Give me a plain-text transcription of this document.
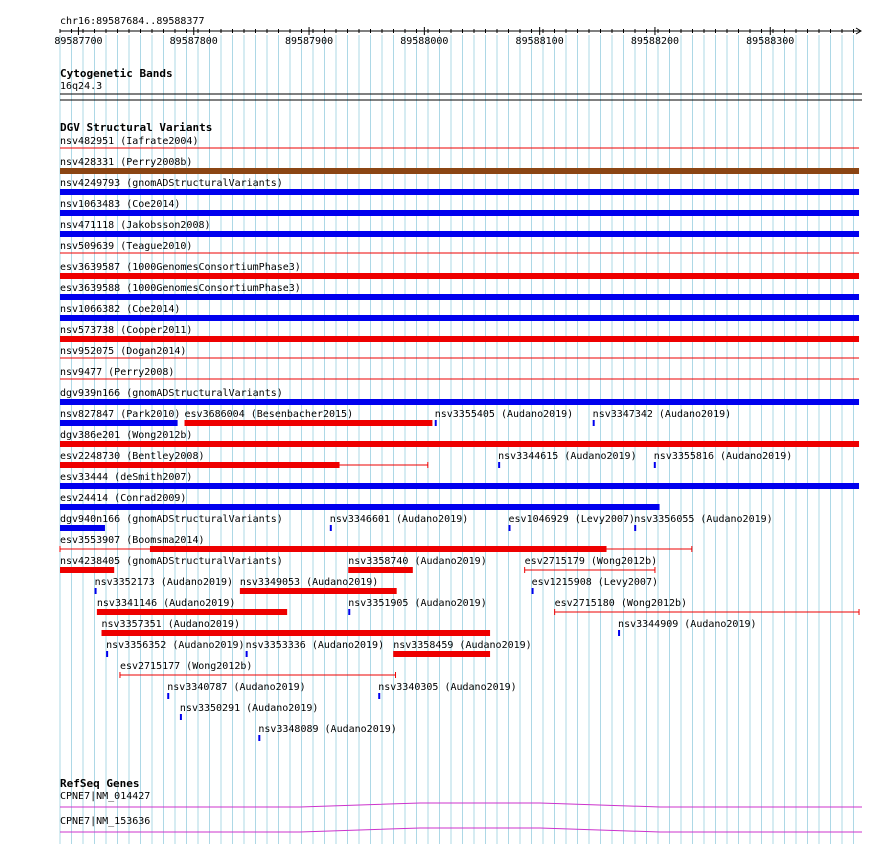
chr16:89587684..89588377
89587700	89587800	89587900	89588000	89588100	89588200	89588300
Cytogenetic Bands
16q24.3
DGV Structural Variants
nsv482951 (Iafrate2004)
nsv428331 (Perry2008b)
nsv4249793 (gnomADStructuralVariants)
nsv1063483 (Coe2014)
nsv471118 (Jakobsson2008)
nsv509639 (Teague2010)
esv3639587 (1000GenomesConsortiumPhase3)
esv3639588 (1000GenomesConsortiumPhase3)
nsv1066382 (Coe2014)
nsv573738 (Cooper2011)
nsv952075 (Dogan2014)
nsv9477 (Perry2008)
dgv939n166 (gnomADStructuralVariants)
nsv827847 (Park2010) esv3686004 (Besenbacher2015)	nsv3355405 (Audano2019) nsv3347342 (Audano2019)
dgv386e201 (Wong2012b)
esv2248730 (Bentley2008)	nsv3344615 (Audano2019) nsv3355816 (Audano2019)
esv33444 (deSmith2007)
esv24414 (Conrad2009)
dgv940n166 (gnomADStructuralVariants)	nsv3346601 (Audano2019)	esv1046929 (Levy2007) nsv3356055 (Audano2019)
esv3553907 (Boomsma2014)
nsv4238405 (gnomADStructuralVariants)	nsv3358740 (Audano2019)	esv2715179 (Wong2012b)
nsv3352173 (Audano2019) nsv3349053 (Audano2019)	esv1215908 (Levy2007)
nsv3341146 (Audano2019)	nsv3351905 (Audano2019)	esv2715180 (Wong2012b)
nsv3357351 (Audano2019)	nsv3344909 (Audano2019)
nsv3356352 (Audano2019) nsv3353336 (Audano2019) nsv3358459 (Audano2019)
esv2715177 (Wong2012b)
nsv3340787 (Audano2019)	nsv3340305 (Audano2019)
nsv3350291 (Audano2019)
nsv3348089 (Audano2019)
RefSeq Genes
CPNE7|NM_014427
CPNE7|NM_153636
